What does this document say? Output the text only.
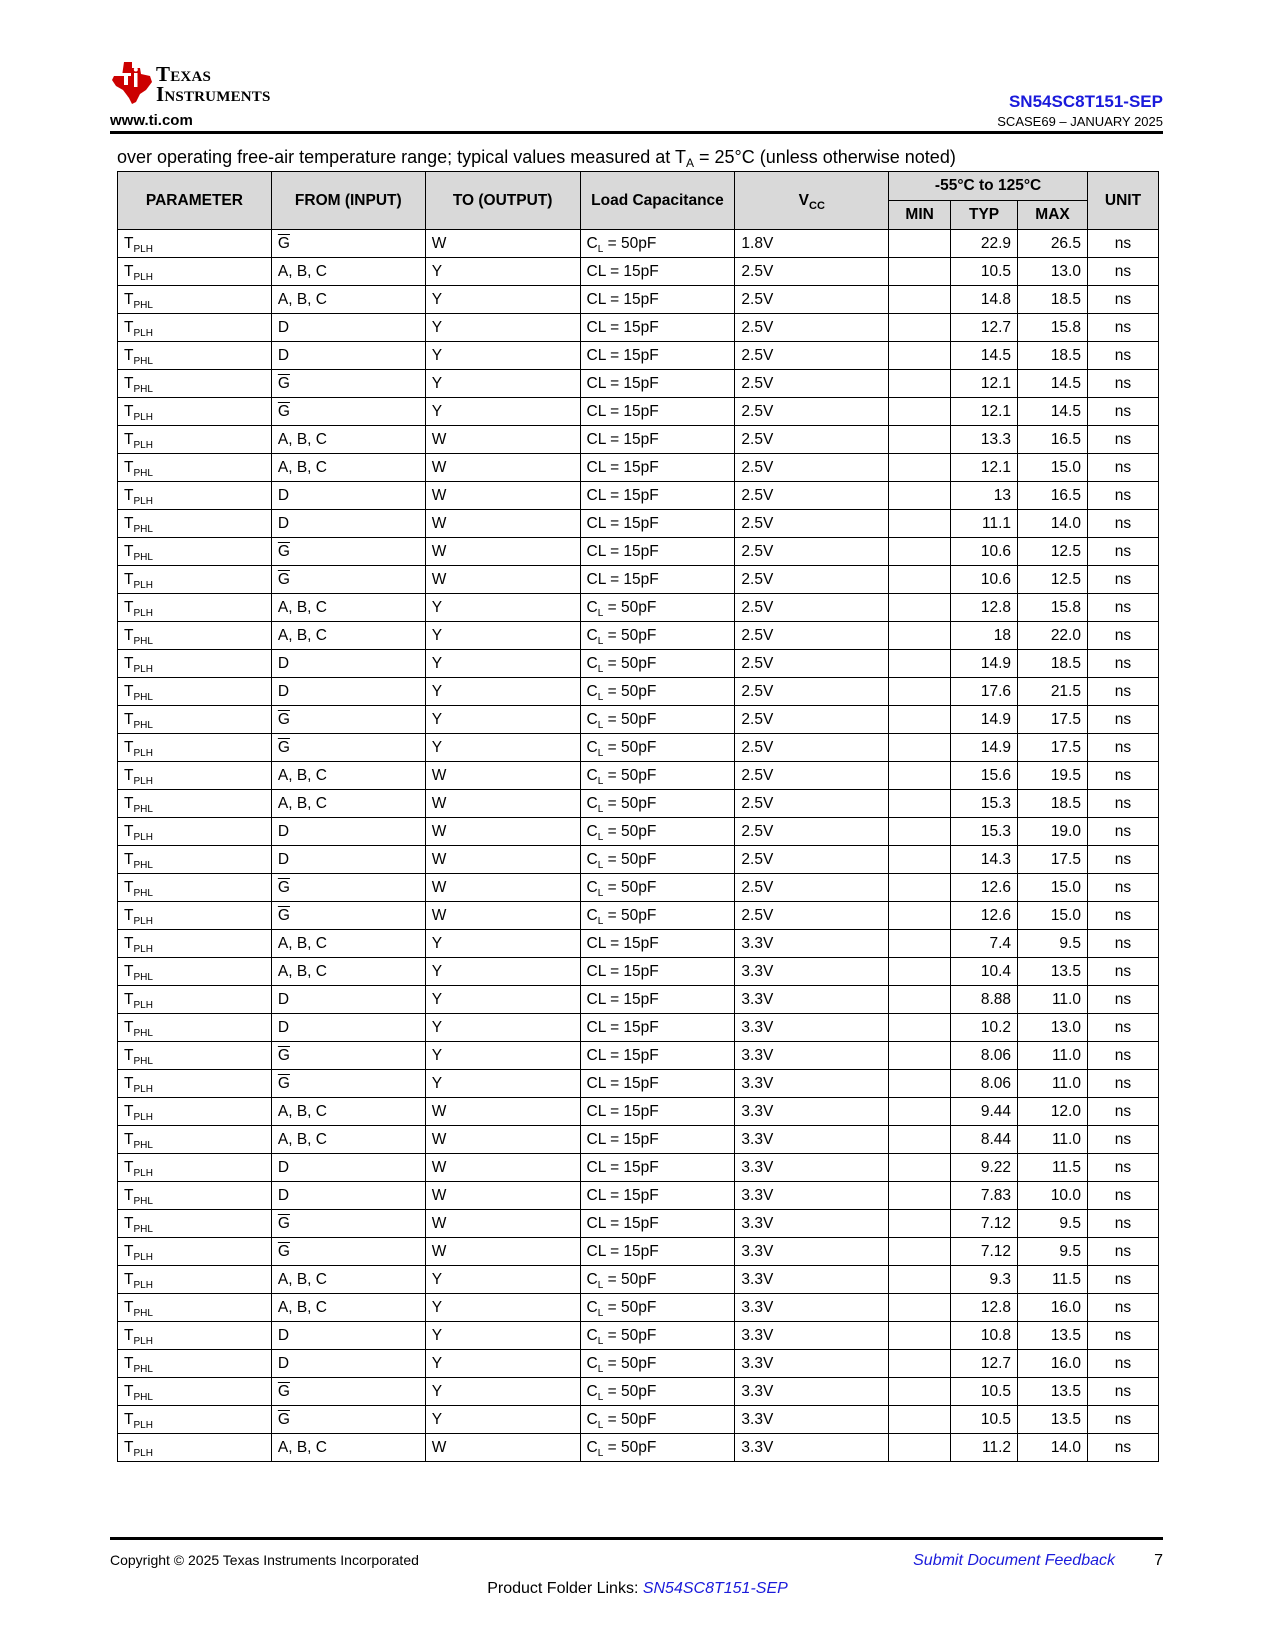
Texas
Instruments
www.ti.com
SN54SC8T151-SEP
SCASE69 – JANUARY 2025
over operating free-air temperature range; typical values measured at $T_A = 25^\circ C$ (unless otherwise noted)
PARAMETER	FROM (INPUT)	TO (OUTPUT)	Load Capacitance	$V_{CC}$	-55°C to 125°C			UNIT
					MIN	TYP	MAX	
$T_{PLH}$	$\overline{G}$	W	$C_L = 50pF$	1.8V		22.9	26.5	ns
$T_{PLH}$	A, B, C	Y	CL = 15pF	2.5V		10.5	13.0	ns
$T_{PHL}$	A, B, C	Y	CL = 15pF	2.5V		14.8	18.5	ns
$T_{PLH}$	D	Y	CL = 15pF	2.5V		12.7	15.8	ns
$T_{PHL}$	D	Y	CL = 15pF	2.5V		14.5	18.5	ns
$T_{PHL}$	$\overline{G}$	Y	CL = 15pF	2.5V		12.1	14.5	ns
$T_{PLH}$	$\overline{G}$	Y	CL = 15pF	2.5V		12.1	14.5	ns
$T_{PLH}$	A, B, C	W	CL = 15pF	2.5V		13.3	16.5	ns
$T_{PHL}$	A, B, C	W	CL = 15pF	2.5V		12.1	15.0	ns
$T_{PLH}$	D	W	CL = 15pF	2.5V		13	16.5	ns
$T_{PHL}$	D	W	CL = 15pF	2.5V		11.1	14.0	ns
$T_{PHL}$	$\overline{G}$	W	CL = 15pF	2.5V		10.6	12.5	ns
$T_{PLH}$	$\overline{G}$	W	CL = 15pF	2.5V		10.6	12.5	ns
$T_{PLH}$	A, B, C	Y	$C_L = 50pF$	2.5V		12.8	15.8	ns
$T_{PHL}$	A, B, C	Y	$C_L = 50pF$	2.5V		18	22.0	ns
$T_{PLH}$	D	Y	$C_L = 50pF$	2.5V		14.9	18.5	ns
$T_{PHL}$	D	Y	$C_L = 50pF$	2.5V		17.6	21.5	ns
$T_{PHL}$	$\overline{G}$	Y	$C_L = 50pF$	2.5V		14.9	17.5	ns
$T_{PLH}$	$\overline{G}$	Y	$C_L = 50pF$	2.5V		14.9	17.5	ns
$T_{PLH}$	A, B, C	W	$C_L = 50pF$	2.5V		15.6	19.5	ns
$T_{PHL}$	A, B, C	W	$C_L = 50pF$	2.5V		15.3	18.5	ns
$T_{PLH}$	D	W	$C_L = 50pF$	2.5V		15.3	19.0	ns
$T_{PHL}$	D	W	$C_L = 50pF$	2.5V		14.3	17.5	ns
$T_{PHL}$	$\overline{G}$	W	$C_L = 50pF$	2.5V		12.6	15.0	ns
$T_{PLH}$	$\overline{G}$	W	$C_L = 50pF$	2.5V		12.6	15.0	ns
$T_{PLH}$	A, B, C	Y	CL = 15pF	3.3V		7.4	9.5	ns
$T_{PHL}$	A, B, C	Y	CL = 15pF	3.3V		10.4	13.5	ns
$T_{PLH}$	D	Y	CL = 15pF	3.3V		8.88	11.0	ns
$T_{PHL}$	D	Y	CL = 15pF	3.3V		10.2	13.0	ns
$T_{PHL}$	$\overline{G}$	Y	CL = 15pF	3.3V		8.06	11.0	ns
$T_{PLH}$	$\overline{G}$	Y	CL = 15pF	3.3V		8.06	11.0	ns
$T_{PLH}$	A, B, C	W	CL = 15pF	3.3V		9.44	12.0	ns
$T_{PHL}$	A, B, C	W	CL = 15pF	3.3V		8.44	11.0	ns
$T_{PLH}$	D	W	CL = 15pF	3.3V		9.22	11.5	ns
$T_{PHL}$	D	W	CL = 15pF	3.3V		7.83	10.0	ns
$T_{PHL}$	$\overline{G}$	W	CL = 15pF	3.3V		7.12	9.5	ns
$T_{PLH}$	$\overline{G}$	W	CL = 15pF	3.3V		7.12	9.5	ns
$T_{PLH}$	A, B, C	Y	$C_L = 50pF$	3.3V		9.3	11.5	ns
$T_{PHL}$	A, B, C	Y	$C_L = 50pF$	3.3V		12.8	16.0	ns
$T_{PLH}$	D	Y	$C_L = 50pF$	3.3V		10.8	13.5	ns
$T_{PHL}$	D	Y	$C_L = 50pF$	3.3V		12.7	16.0	ns
$T_{PHL}$	$\overline{G}$	Y	$C_L = 50pF$	3.3V		10.5	13.5	ns
$T_{PLH}$	$\overline{G}$	Y	$C_L = 50pF$	3.3V		10.5	13.5	ns
$T_{PLH}$	A, B, C	W	$C_L = 50pF$	3.3V		11.2	14.0	ns
Copyright © 2025 Texas Instruments Incorporated	Submit Document Feedback 7
Product Folder Links: SN54SC8T151-SEP
